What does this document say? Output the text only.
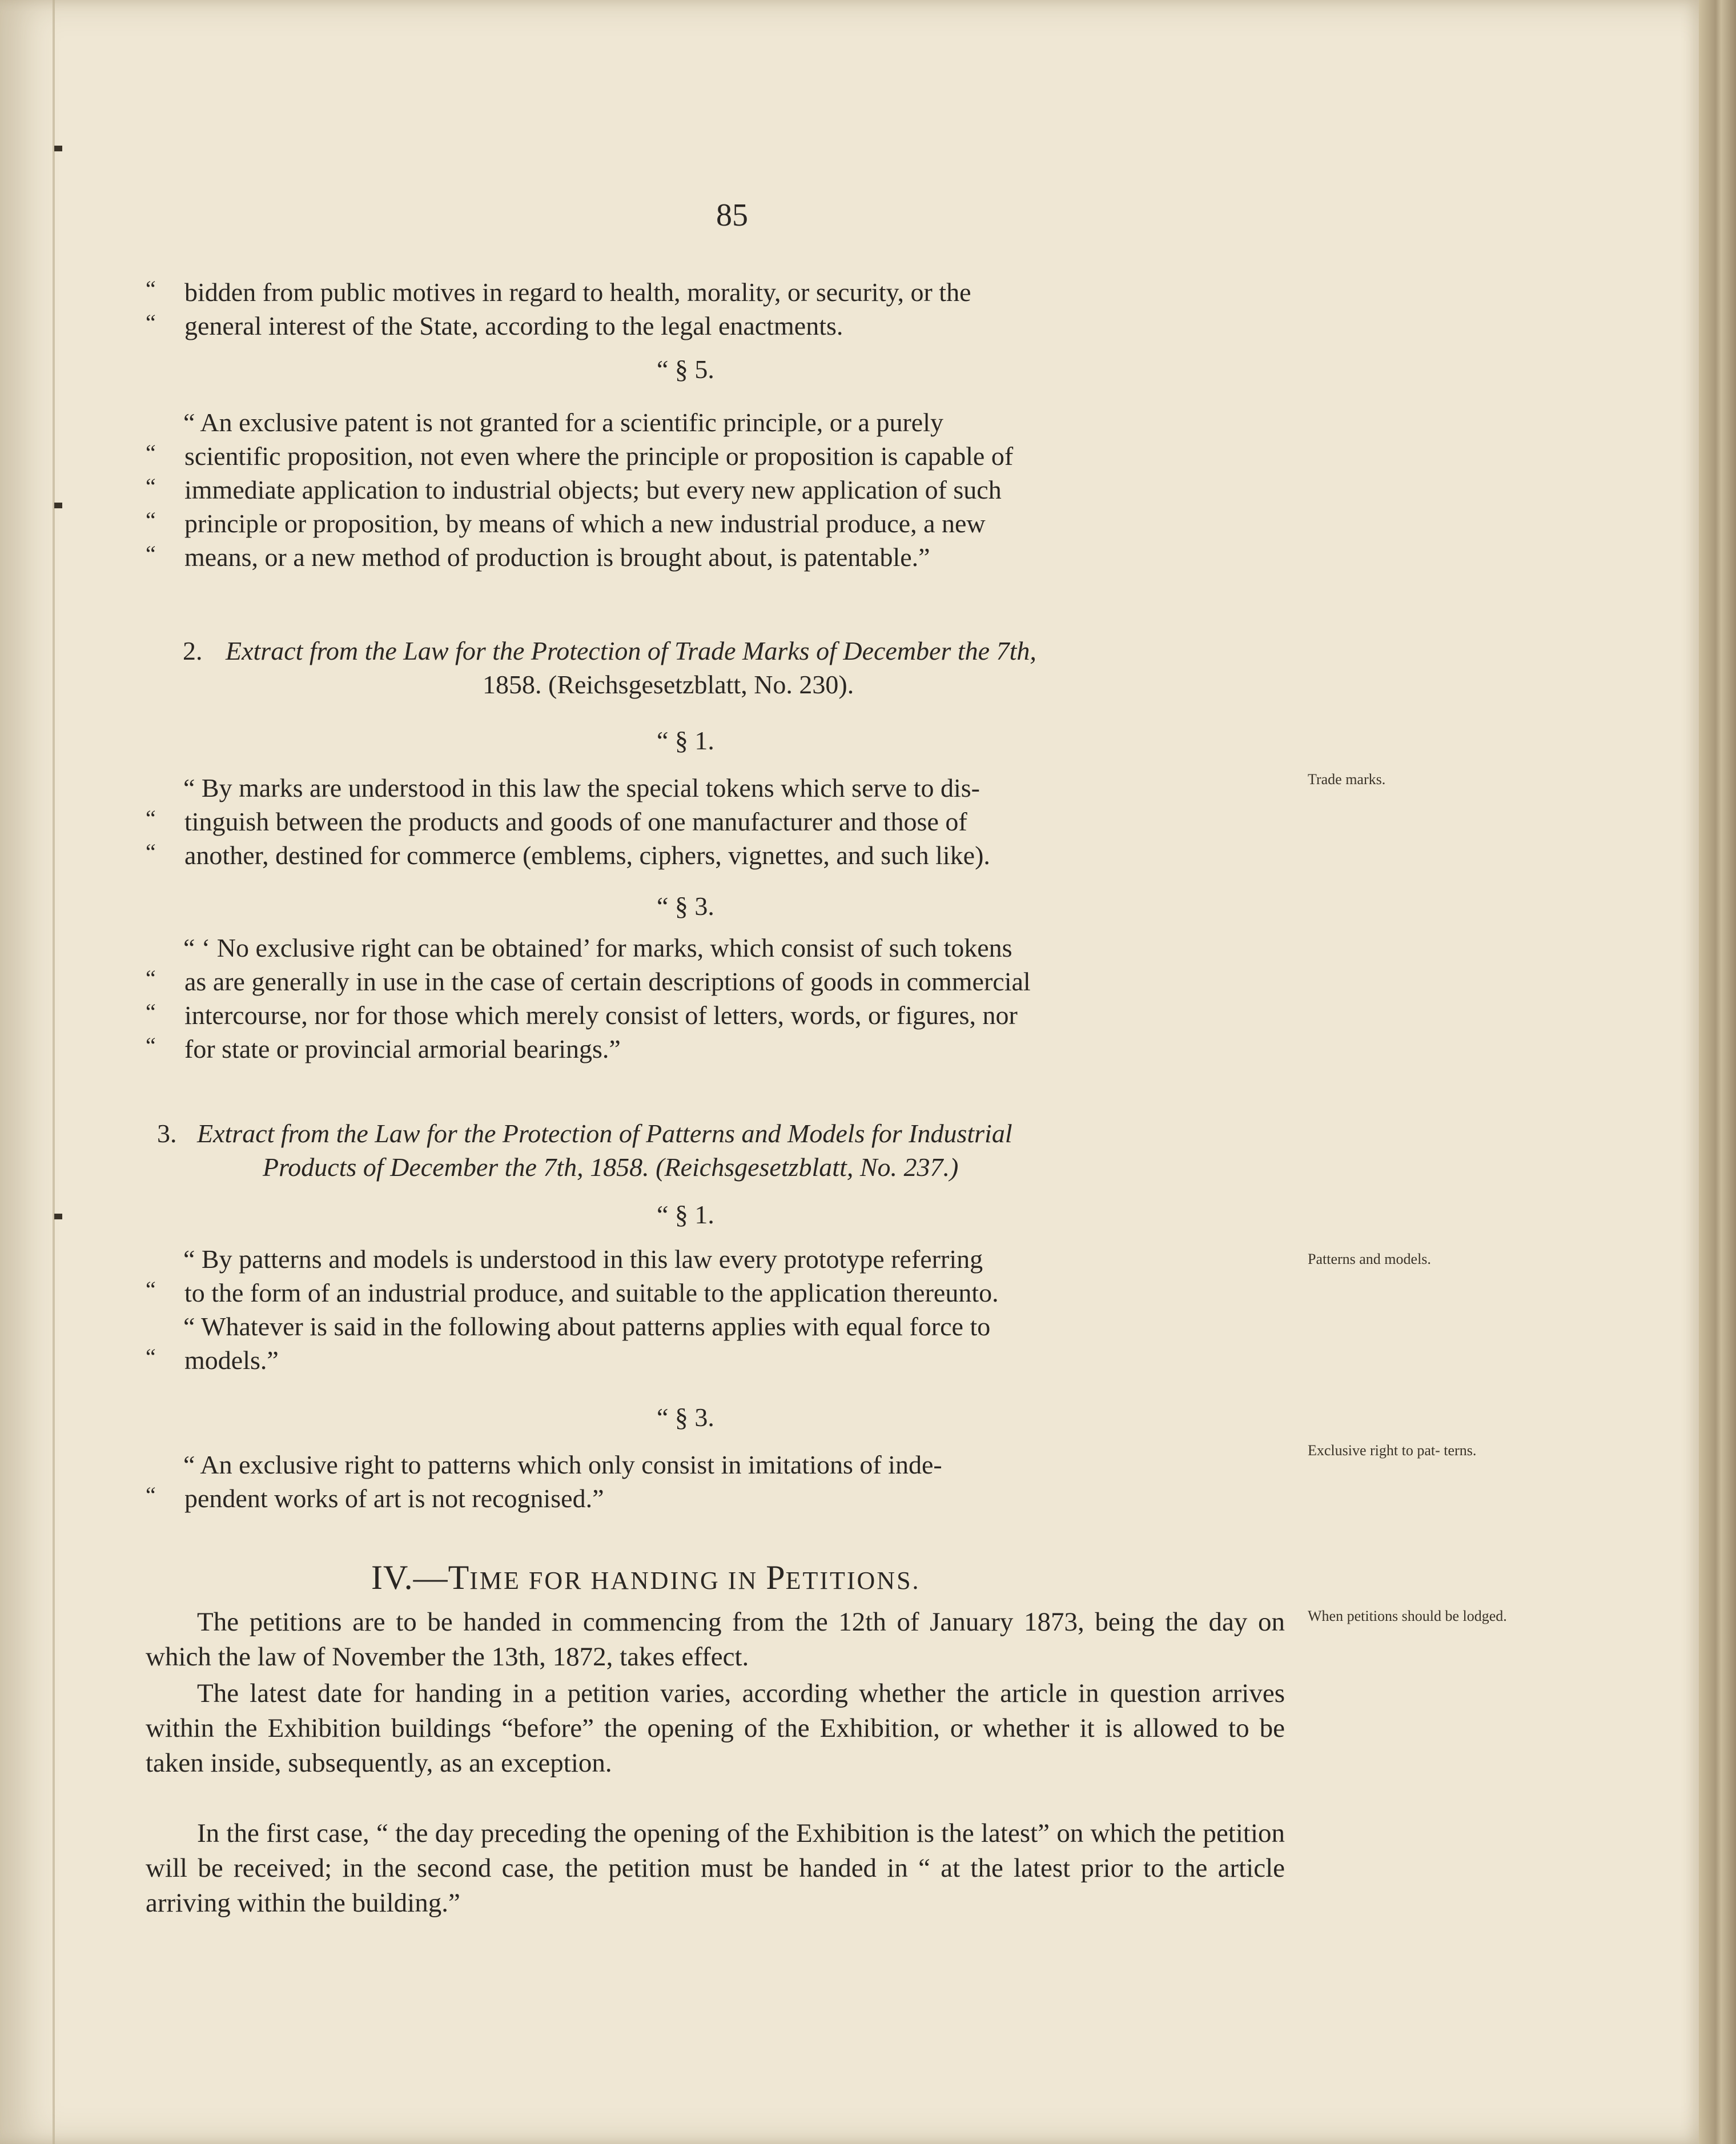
85
“ bidden from public motives in regard to health, morality, or security, or the
“ general interest of the State, according to the legal enactments.
“ § 5.
“ An exclusive patent is not granted for a scientific principle, or a purely
“ scientific proposition, not even where the principle or proposition is capable of
“ immediate application to industrial objects; but every new application of such
“ principle or proposition, by means of which a new industrial produce, a new
“ means, or a new method of production is brought about, is patentable.”
2. Extract from the Law for the Protection of Trade Marks of December the 7th,
1858. (Reichsgesetzblatt, No. 230).
“ § 1.
“ By marks are understood in this law the special tokens which serve to dis-
“ tinguish between the products and goods of one manufacturer and those of
“ another, destined for commerce (emblems, ciphers, vignettes, and such like).
“ § 3.
“ ‘ No exclusive right can be obtained’ for marks, which consist of such tokens
“ as are generally in use in the case of certain descriptions of goods in commercial
“ intercourse, nor for those which merely consist of letters, words, or figures, nor
“ for state or provincial armorial bearings.”
3. Extract from the Law for the Protection of Patterns and Models for Industrial
Products of December the 7th, 1858. (Reichsgesetzblatt, No. 237.)
“ § 1.
“ By patterns and models is understood in this law every prototype referring
“ to the form of an industrial produce, and suitable to the application thereunto.
“ Whatever is said in the following about patterns applies with equal force to
“ models.”
“ § 3.
“ An exclusive right to patterns which only consist in imitations of inde-
“ pendent works of art is not recognised.”
IV.—TIME FOR HANDING IN PETITIONS.
The petitions are to be handed in commencing from the 12th of January 1873, being the day on which the law of November the 13th, 1872, takes effect.
The latest date for handing in a petition varies, according whether the article in question arrives within the Exhibition buildings “before” the opening of the Exhibition, or whether it is allowed to be taken inside, subsequently, as an exception.
In the first case, “ the day preceding the opening of the Exhibition is the latest” on which the petition will be received; in the second case, the petition must be handed in “ at the latest prior to the article arriving within the building.”
Trade marks.
Patterns and models.
Exclusive right to pat- terns.
When petitions should be lodged.
